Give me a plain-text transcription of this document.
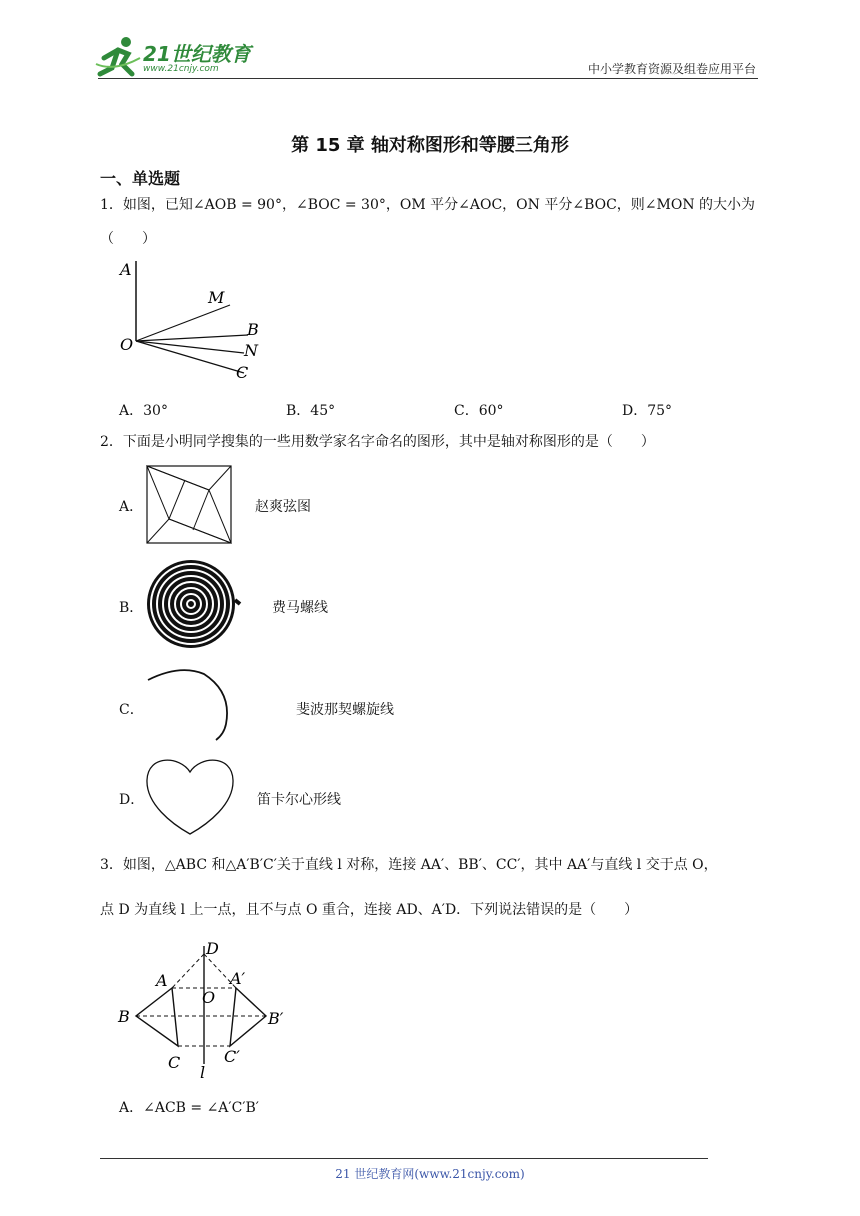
21世纪教育
www.21cnjy.com	中小学教育资源及组卷应用平台
第 15 章 轴对称图形和等腰三角形
一、单选题
1．如图，已知∠AOB = 90°，∠BOC = 30°，OM 平分∠AOC，ON 平分∠BOC，则∠MON 的大小为
（　　）
A
M
B
O	N
C
A．30°	B．45°	C．60°	D．75°
2．下面是小明同学搜集的一些用数学家名字命名的图形，其中是轴对称图形的是（　　）
A．	赵爽弦图
B．	费马螺线
C．	斐波那契螺旋线
D．	笛卡尔心形线
3．如图，△ABC 和△A′B′C′关于直线 l 对称，连接 AA′、BB′、CC′，其中 AA′与直线 l 交于点 O，
点 D 为直线 l 上一点，且不与点 O 重合，连接 AD、A′D．下列说法错误的是（　　）
D
A	A′
O
B	B′
C	C′
l
A．∠ACB = ∠A′C′B′
21 世纪教育网(www.21cnjy.com)
